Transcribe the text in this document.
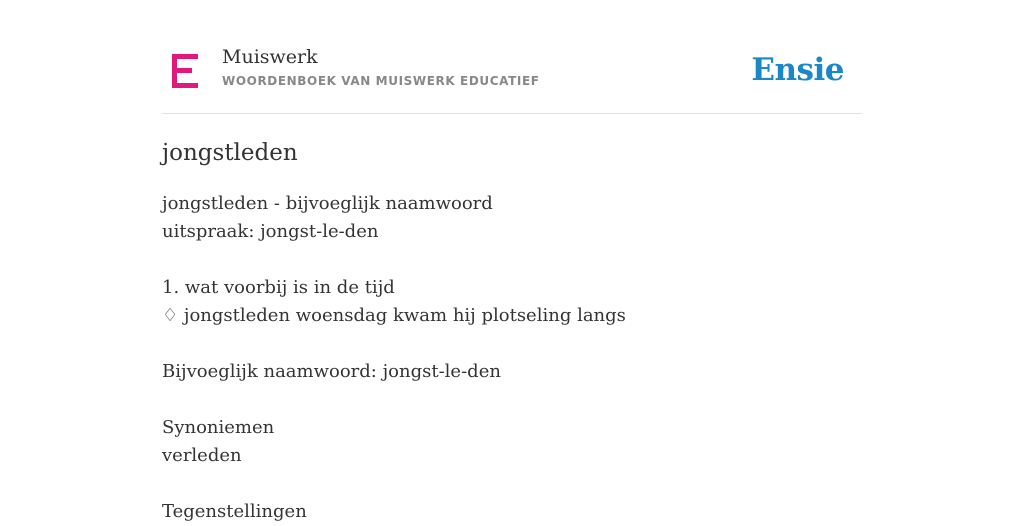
Muiswerk
WOORDENBOEK VAN MUISWERK EDUCATIEF	Ensie
jongstleden
jongstleden - bijvoeglijk naamwoord
uitspraak: jongst-le-den
1. wat voorbij is in de tijd
♢ jongstleden woensdag kwam hij plotseling langs
Bijvoeglijk naamwoord: jongst-le-den
Synoniemen
verleden
Tegenstellingen
